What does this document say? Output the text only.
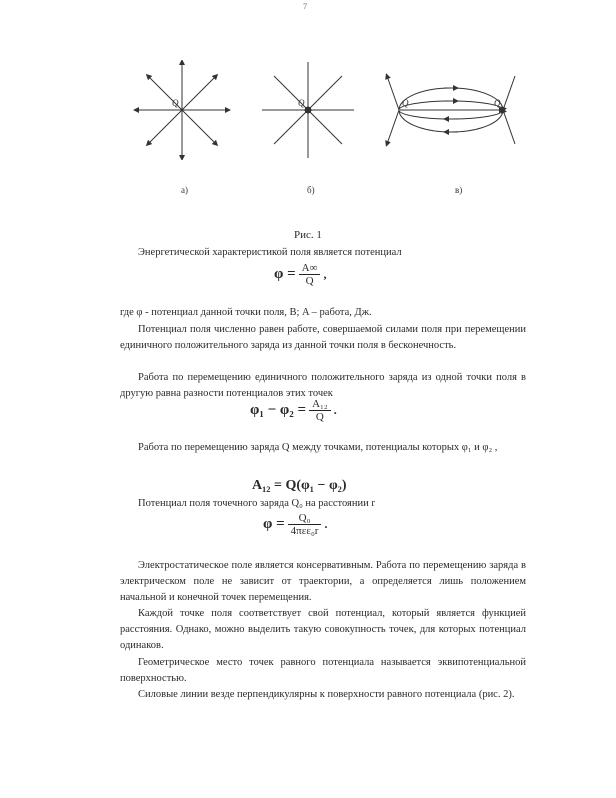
7
Q	Q	Q	Q
а)	б)	в)
Рис. 1
Энергетической характеристикой поля является потенциал
$\varphi = \frac{A\infty}{Q}$ ,
где φ - потенциал данной точки поля, В; A – работа, Дж.
Потенциал поля численно равен работе, совершаемой силами поля при перемещении единичного положительного заряда из данной точки поля в бесконечность.
Работа по перемещению единичного положительного заряда из одной точки поля в другую равна разности потенциалов этих точек
$\varphi_1 - \varphi_2 = \frac{\text{A₁₂}}{Q}$ .
Работа по перемещению заряда Q между точками, потенциалы которых φ₁ и φ₂ ,
A₁₂ = Q(φ₁ − φ₂)
Потенциал поля точечного заряда Q₀ на расстоянии r
$\varphi = \frac{\text{Q₀}}{\text{4πεε₀r}}$ .
Электростатическое поле является консервативным. Работа по перемещению заряда в электрическом поле не зависит от траектории, а определяется лишь положением начальной и конечной точек перемещения.
Каждой точке поля соответствует свой потенциал, который является функцией расстояния. Однако, можно выделить такую совокупность точек, для которых потенциал одинаков.
Геометрическое место точек равного потенциала называется эквипотенциальной поверхностью.
Силовые линии везде перпендикулярны к поверхности равного потенциала (рис. 2).
